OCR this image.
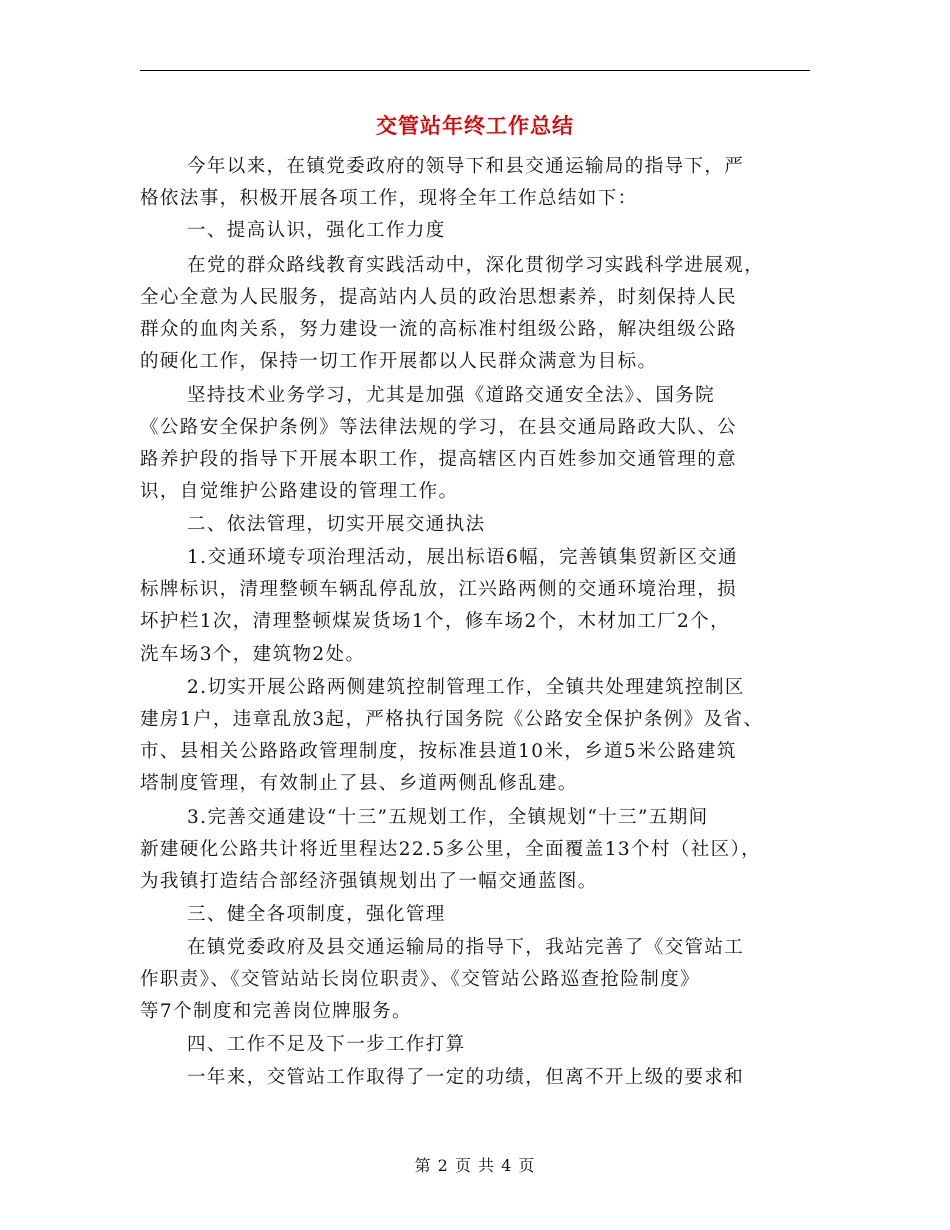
交管站年终工作总结
今年以来，在镇党委政府的领导下和县交通运输局的指导下，严
格依法事，积极开展各项工作，现将全年工作总结如下：
一、提高认识，强化工作力度
在党的群众路线教育实践活动中，深化贯彻学习实践科学进展观，
全心全意为人民服务，提高站内人员的政治思想素养，时刻保持人民
群众的血肉关系，努力建设一流的高标准村组级公路，解决组级公路
的硬化工作，保持一切工作开展都以人民群众满意为目标。
坚持技术业务学习，尤其是加强《道路交通安全法》、国务院
《公路安全保护条例》等法律法规的学习，在县交通局路政大队、公
路养护段的指导下开展本职工作，提高辖区内百姓参加交通管理的意
识，自觉维护公路建设的管理工作。
二、依法管理，切实开展交通执法
1.交通环境专项治理活动，展出标语6幅，完善镇集贸新区交通
标牌标识，清理整顿车辆乱停乱放，江兴路两侧的交通环境治理，损
坏护栏1次，清理整顿煤炭货场1个，修车场2个，木材加工厂2个，
洗车场3个，建筑物2处。
2.切实开展公路两侧建筑控制管理工作，全镇共处理建筑控制区
建房1户，违章乱放3起，严格执行国务院《公路安全保护条例》及省、
市、县相关公路路政管理制度，按标准县道10米，乡道5米公路建筑
塔制度管理，有效制止了县、乡道两侧乱修乱建。
3.完善交通建设“十三”五规划工作，全镇规划“十三”五期间
新建硬化公路共计将近里程达22.5多公里，全面覆盖13个村（社区），
为我镇打造结合部经济强镇规划出了一幅交通蓝图。
三、健全各项制度，强化管理
在镇党委政府及县交通运输局的指导下，我站完善了《交管站工
作职责》、《交管站站长岗位职责》、《交管站公路巡查抢险制度》
等7个制度和完善岗位牌服务。
四、工作不足及下一步工作打算
一年来，交管站工作取得了一定的功绩，但离不开上级的要求和
第 2 页 共 4 页
